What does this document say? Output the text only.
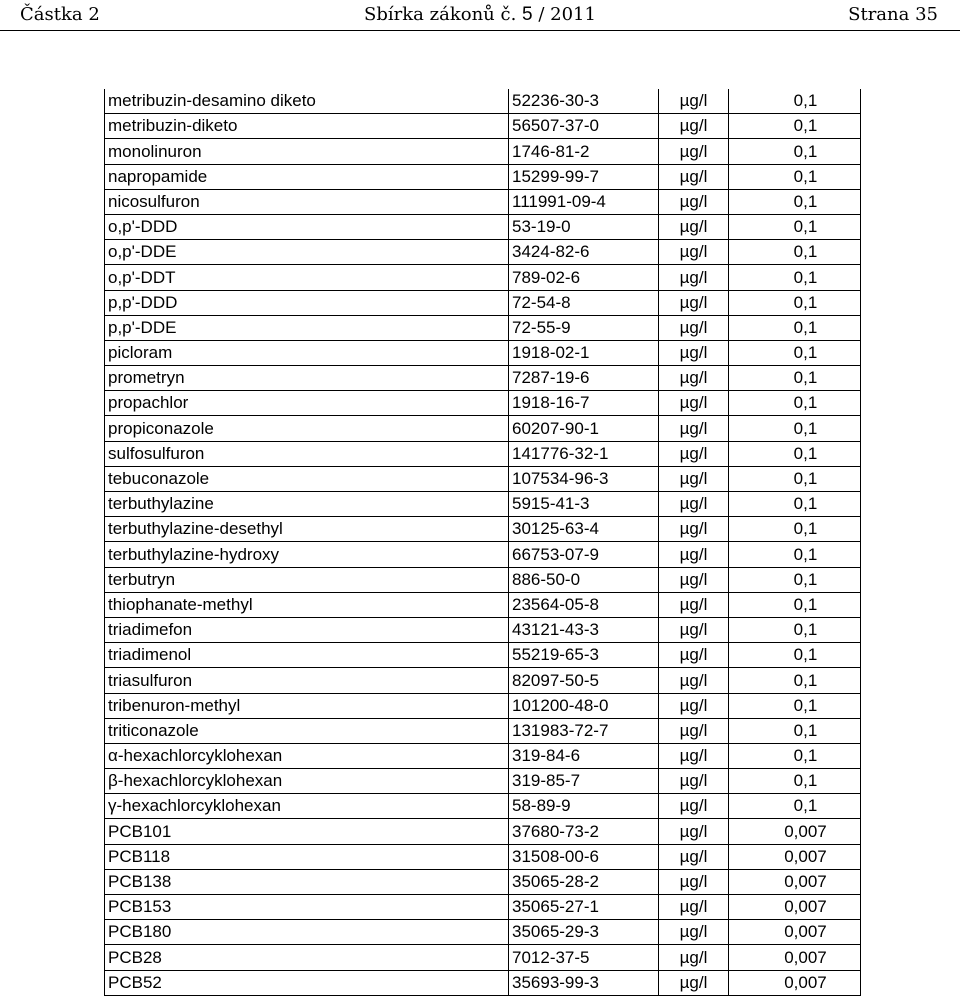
Částka 2	Sbírka zákonů č. 5 / 2011	Strana 35
metribuzin-desamino diketo	52236-30-3	µg/l	0,1
metribuzin-diketo	56507-37-0	µg/l	0,1
monolinuron	1746-81-2	µg/l	0,1
napropamide	15299-99-7	µg/l	0,1
nicosulfuron	111991-09-4	µg/l	0,1
o,p'-DDD	53-19-0	µg/l	0,1
o,p'-DDE	3424-82-6	µg/l	0,1
o,p'-DDT	789-02-6	µg/l	0,1
p,p'-DDD	72-54-8	µg/l	0,1
p,p'-DDE	72-55-9	µg/l	0,1
picloram	1918-02-1	µg/l	0,1
prometryn	7287-19-6	µg/l	0,1
propachlor	1918-16-7	µg/l	0,1
propiconazole	60207-90-1	µg/l	0,1
sulfosulfuron	141776-32-1	µg/l	0,1
tebuconazole	107534-96-3	µg/l	0,1
terbuthylazine	5915-41-3	µg/l	0,1
terbuthylazine-desethyl	30125-63-4	µg/l	0,1
terbuthylazine-hydroxy	66753-07-9	µg/l	0,1
terbutryn	886-50-0	µg/l	0,1
thiophanate-methyl	23564-05-8	µg/l	0,1
triadimefon	43121-43-3	µg/l	0,1
triadimenol	55219-65-3	µg/l	0,1
triasulfuron	82097-50-5	µg/l	0,1
tribenuron-methyl	101200-48-0	µg/l	0,1
triticonazole	131983-72-7	µg/l	0,1
α-hexachlorcyklohexan	319-84-6	µg/l	0,1
β-hexachlorcyklohexan	319-85-7	µg/l	0,1
γ-hexachlorcyklohexan	58-89-9	µg/l	0,1
PCB101	37680-73-2	µg/l	0,007
PCB118	31508-00-6	µg/l	0,007
PCB138	35065-28-2	µg/l	0,007
PCB153	35065-27-1	µg/l	0,007
PCB180	35065-29-3	µg/l	0,007
PCB28	7012-37-5	µg/l	0,007
PCB52	35693-99-3	µg/l	0,007
